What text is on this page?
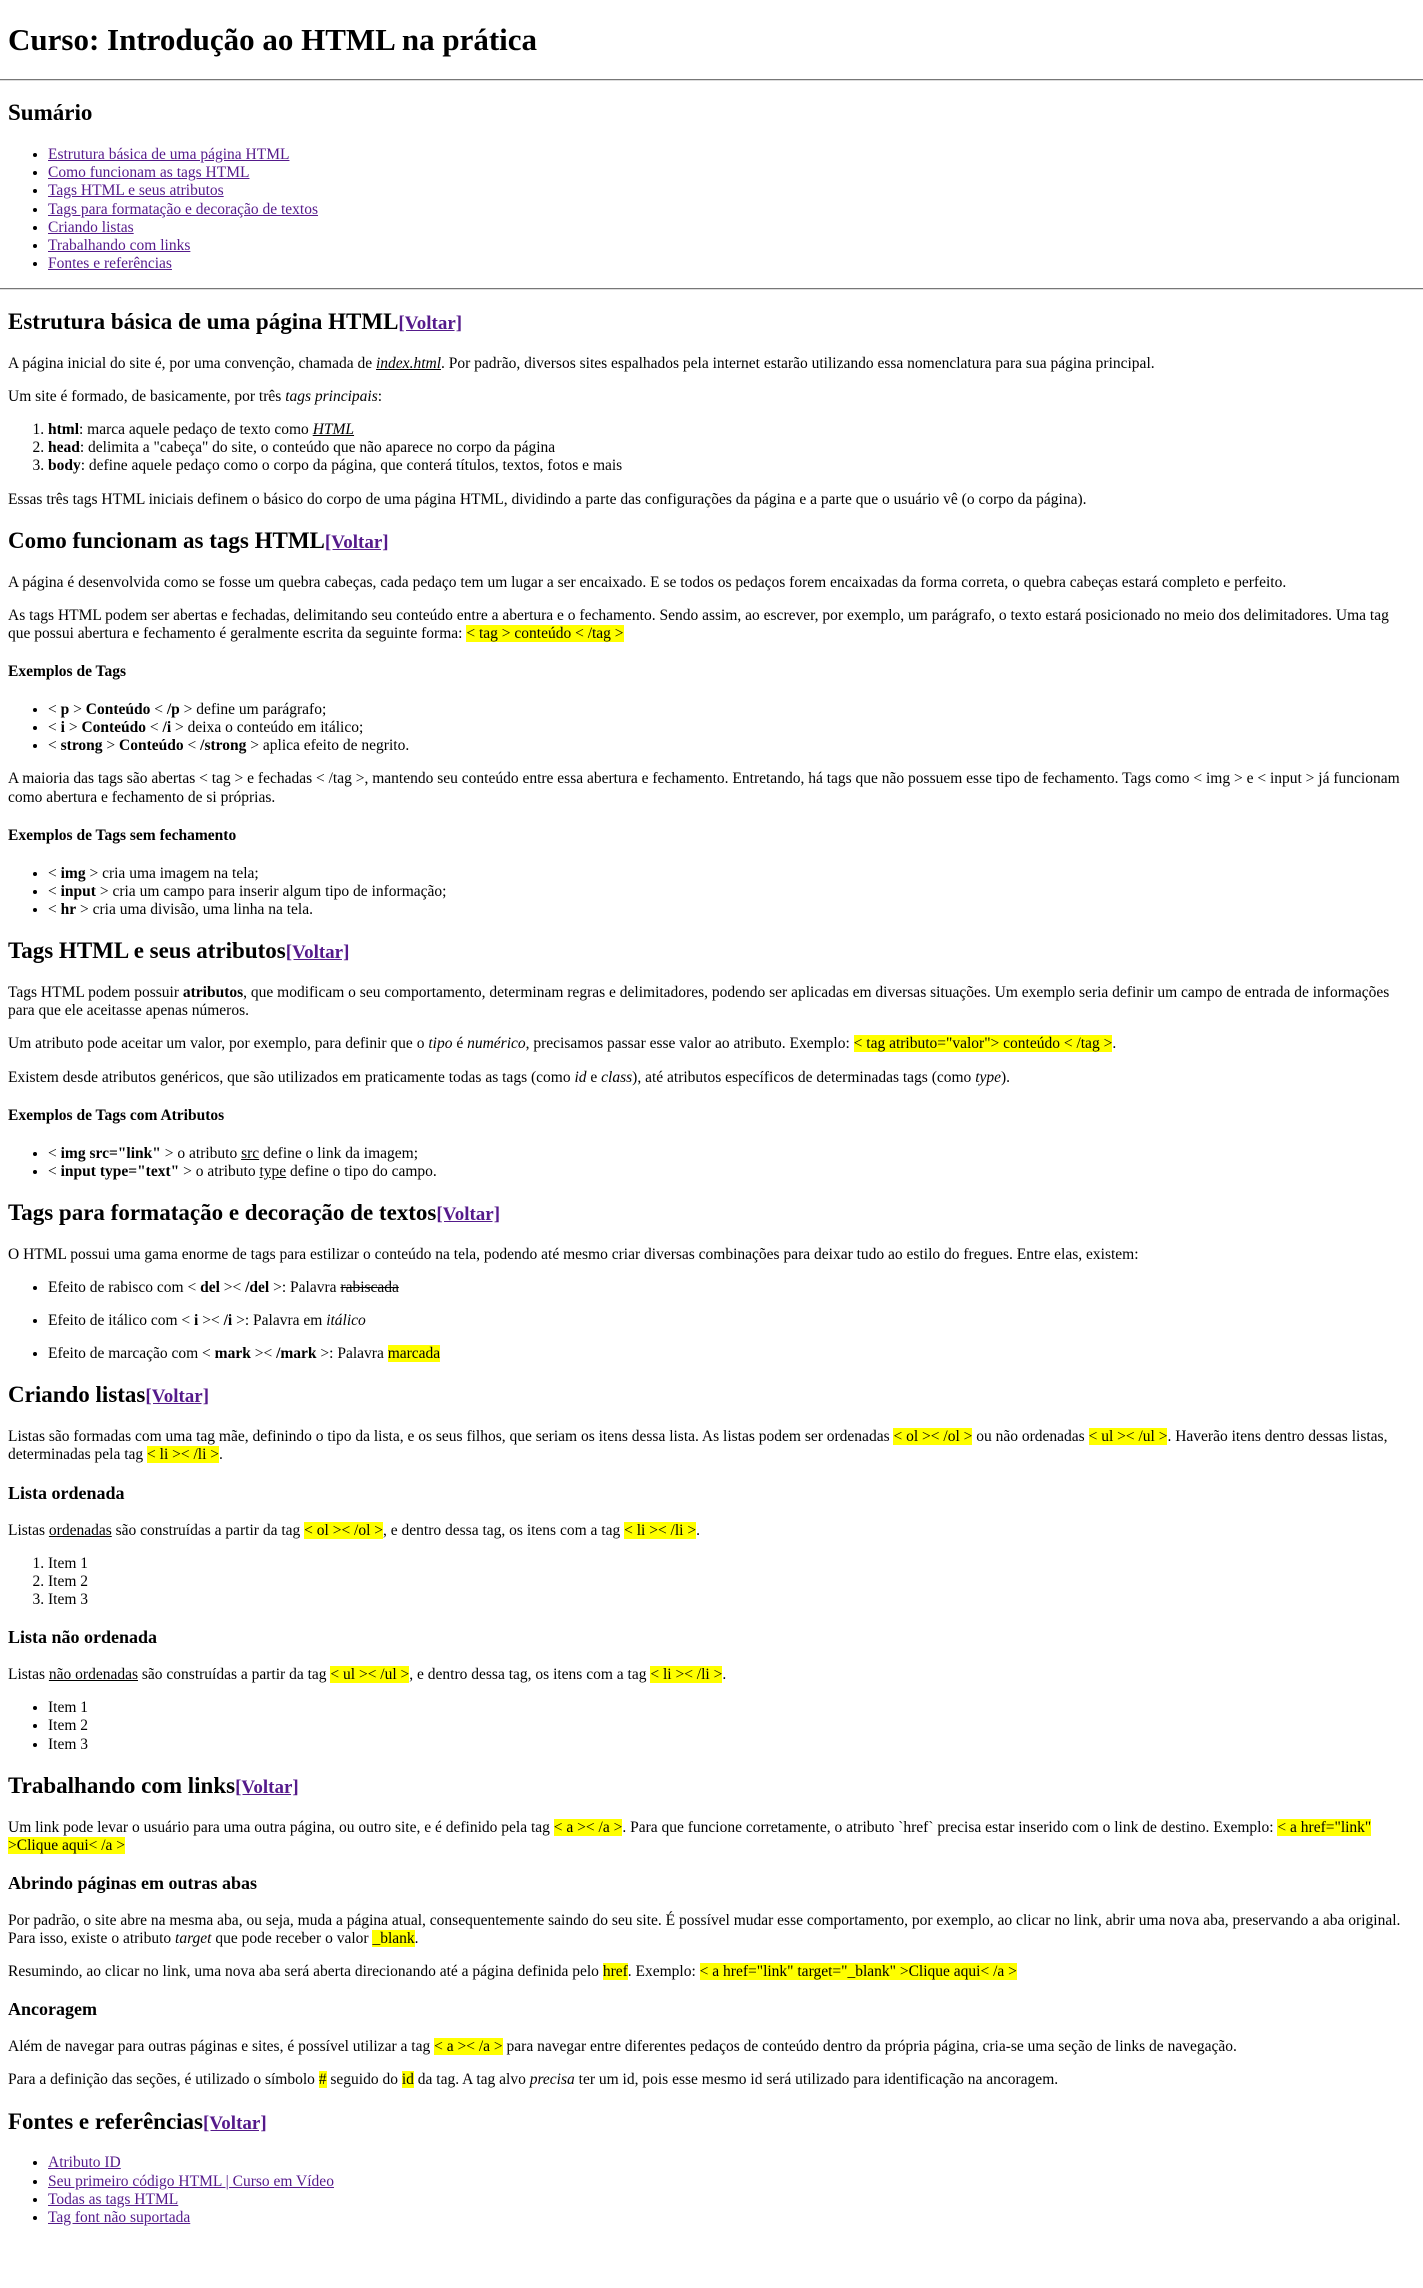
Curso: Introdução ao HTML na prática
Sumário
• Estrutura básica de uma página HTML
• Como funcionam as tags HTML
• Tags HTML e seus atributos
• Tags para formatação e decoração de textos
• Criando listas
• Trabalhando com links
• Fontes e referências
Estrutura básica de uma página HTML[Voltar]

A página inicial do site é, por uma convenção, chamada de index.html. Por padrão, diversos sites espalhados pela internet estarão utilizando essa nomenclatura para sua página principal.

Um site é formado, de basicamente, por três tags principais:

1. html: marca aquele pedaço de texto como HTML
2. head: delimita a "cabeça" do site, o conteúdo que não aparece no corpo da página
3. body: define aquele pedaço como o corpo da página, que conterá títulos, textos, fotos e mais

Essas três tags HTML iniciais definem o básico do corpo de uma página HTML, dividindo a parte das configurações da página e a parte que o usuário vê (o corpo da página).

Como funcionam as tags HTML[Voltar]

A página é desenvolvida como se fosse um quebra cabeças, cada pedaço tem um lugar a ser encaixado. E se todos os pedaços forem encaixadas da forma correta, o quebra cabeças estará completo e perfeito.

As tags HTML podem ser abertas e fechadas, delimitando seu conteúdo entre a abertura e o fechamento. Sendo assim, ao escrever, por exemplo, um parágrafo, o texto estará posicionado no meio dos delimitadores. Uma tag que possui abertura e fechamento é geralmente escrita da seguinte forma: < tag > conteúdo < /tag >

Exemplos de Tags
• < p > Conteúdo < /p > define um parágrafo;
• < i > Conteúdo < /i > deixa o conteúdo em itálico;
• < strong > Conteúdo < /strong > aplica efeito de negrito.

A maioria das tags são abertas < tag > e fechadas < /tag >, mantendo seu conteúdo entre essa abertura e fechamento. Entretando, há tags que não possuem esse tipo de fechamento. Tags como < img > e < input > já funcionam como abertura e fechamento de si próprias.

Exemplos de Tags sem fechamento
• < img > cria uma imagem na tela;
• < input > cria um campo para inserir algum tipo de informação;
• < hr > cria uma divisão, uma linha na tela.
Tags HTML e seus atributos[Voltar]

Tags HTML podem possuir atributos, que modificam o seu comportamento, determinam regras e delimitadores, podendo ser aplicadas em diversas situações. Um exemplo seria definir um campo de entrada de informações para que ele aceitasse apenas números.

Um atributo pode aceitar um valor, por exemplo, para definir que o tipo é numérico, precisamos passar esse valor ao atributo. Exemplo: < tag atributo="valor"> conteúdo < /tag >.

Existem desde atributos genéricos, que são utilizados em praticamente todas as tags (como id e class), até atributos específicos de determinadas tags (como type).

Exemplos de Tags com Atributos
• < img src="link" > o atributo src define o link da imagem;
• < input type="text" > o atributo type define o tipo do campo.
Tags para formatação e decoração de textos[Voltar]

O HTML possui uma gama enorme de tags para estilizar o conteúdo na tela, podendo até mesmo criar diversas combinações para deixar tudo ao estilo do fregues. Entre elas, existem:

• Efeito de rabisco com < del >< /del >: Palavra rabiscada
• Efeito de itálico com < i >< /i >: Palavra em itálico
• Efeito de marcação com < mark >< /mark >: Palavra marcada
Criando listas[Voltar]

Listas são formadas com uma tag mãe, definindo o tipo da lista, e os seus filhos, que seriam os itens dessa lista. As listas podem ser ordenadas < ol >< /ol > ou não ordenadas < ul >< /ul >. Haverão itens dentro dessas listas, determinadas pela tag < li >< /li >.

Lista ordenada

Listas ordenadas são construídas a partir da tag < ol >< /ol >, e dentro dessa tag, os itens com a tag < li >< /li >.

1. Item 1
2. Item 2
3. Item 3
Lista não ordenada

Listas não ordenadas são construídas a partir da tag < ul >< /ul >, e dentro dessa tag, os itens com a tag < li >< /li >.

• Item 1
• Item 2
• Item 3
Trabalhando com links[Voltar]

Um link pode levar o usuário para uma outra página, ou outro site, e é definido pela tag < a >< /a >. Para que funcione corretamente, o atributo `href` precisa estar inserido com o link de destino. Exemplo: < a href="link" >Clique aqui< /a >

Abrindo páginas em outras abas

Por padrão, o site abre na mesma aba, ou seja, muda a página atual, consequentemente saindo do seu site. É possível mudar esse comportamento, por exemplo, ao clicar no link, abrir uma nova aba, preservando a aba original. Para isso, existe o atributo target que pode receber o valor _blank.

Resumindo, ao clicar no link, uma nova aba será aberta direcionando até a página definida pelo href. Exemplo: < a href="link" target="_blank" >Clique aqui< /a >

Ancoragem

Além de navegar para outras páginas e sites, é possível utilizar a tag < a >< /a > para navegar entre diferentes pedaços de conteúdo dentro da própria página, cria-se uma seção de links de navegação.

Para a definição das seções, é utilizado o símbolo # seguido do id da tag. A tag alvo precisa ter um id, pois esse mesmo id será utilizado para identificação na ancoragem.

Fontes e referências[Voltar]
• Atributo ID
• Seu primeiro código HTML | Curso em Vídeo
• Todas as tags HTML
• Tag font não suportada
